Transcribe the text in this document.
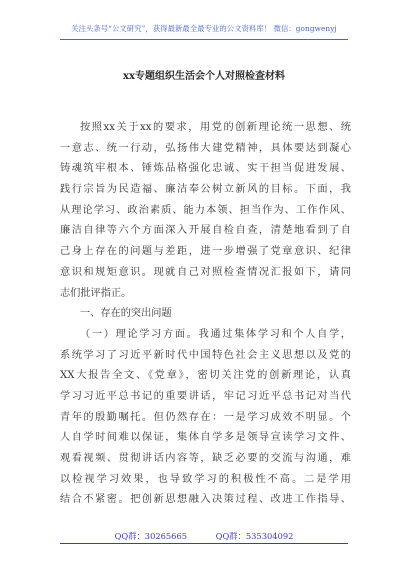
关注头条号“公文研究”，获得最新最全最专业的公文资料库！ 微信：gongwenyj
xx专题组织生活会个人对照检查材料
按照xx关于xx的要求，用党的创新理论统一思想、统
一意志、统一行动，弘扬伟大建党精神，具体要达到凝心
铸魂筑牢根本、锤炼品格强化忠诚、实干担当促进发展、
践行宗旨为民造福、廉洁奉公树立新风的目标。下面，我
从理论学习、政治素质、能力本领、担当作为、工作作风、
廉洁自律等六个方面深入开展自检自查，清楚地看到了自
己身上存在的问题与差距，进一步增强了党章意识、纪律
意识和规矩意识。现就自己对照检查情况汇报如下，请同
志们批评指正。
一、存在的突出问题
（一）理论学习方面。我通过集体学习和个人自学，
系统学习了习近平新时代中国特色社会主义思想以及党的
XX大报告全文、《党章》，密切关注党的创新理论，认真
学习习近平总书记的重要讲话，牢记习近平总书记对当代
青年的殷勤嘱托。但仍然存在：一是学习成效不明显。个
人自学时间难以保证，集体自学多是领导宣读学习文件、
观看视频、贯彻讲话内容等，缺乏必要的交流与沟通，难
以检视学习效果，也导致学习的积极性不高。二是学用
结合不紧密。把创新思想融入决策过程、改进工作指导、
QQ群：30265665	QQ群：535304092
